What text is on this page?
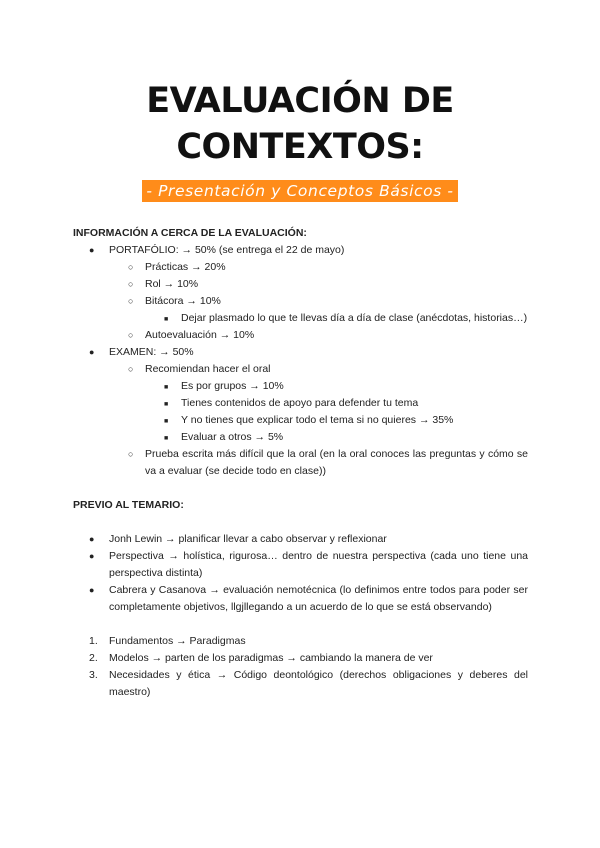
EVALUACIÓN DE
CONTEXTOS:
- Presentación y Conceptos Básicos -
INFORMACIÓN A CERCA DE LA EVALUACIÓN:
● PORTAFÓLIO: → 50% (se entrega el 22 de mayo)
○ Prácticas → 20%
○ Rol → 10%
○ Bitácora → 10%
■ Dejar plasmado lo que te llevas día a día de clase (anécdotas, historias…)
○ Autoevaluación → 10%
● EXAMEN: → 50%
○ Recomiendan hacer el oral
■ Es por grupos → 10%
■ Tienes contenidos de apoyo para defender tu tema
■ Y no tienes que explicar todo el tema si no quieres → 35%
■ Evaluar a otros → 5%
○ Prueba escrita más difícil que la oral (en la oral conoces las preguntas y cómo se va a evaluar (se decide todo en clase))
PREVIO AL TEMARIO:
● Jonh Lewin → planificar llevar a cabo observar y reflexionar
● Perspectiva → holística, rigurosa… dentro de nuestra perspectiva (cada uno tiene una perspectiva distinta)
● Cabrera y Casanova → evaluación nemotécnica (lo definimos entre todos para poder ser completamente objetivos, llgjllegando a un acuerdo de lo que se está observando)
1. Fundamentos → Paradigmas
2. Modelos → parten de los paradigmas → cambiando la manera de ver
3. Necesidades y ética → Código deontológico (derechos obligaciones y deberes del maestro)
